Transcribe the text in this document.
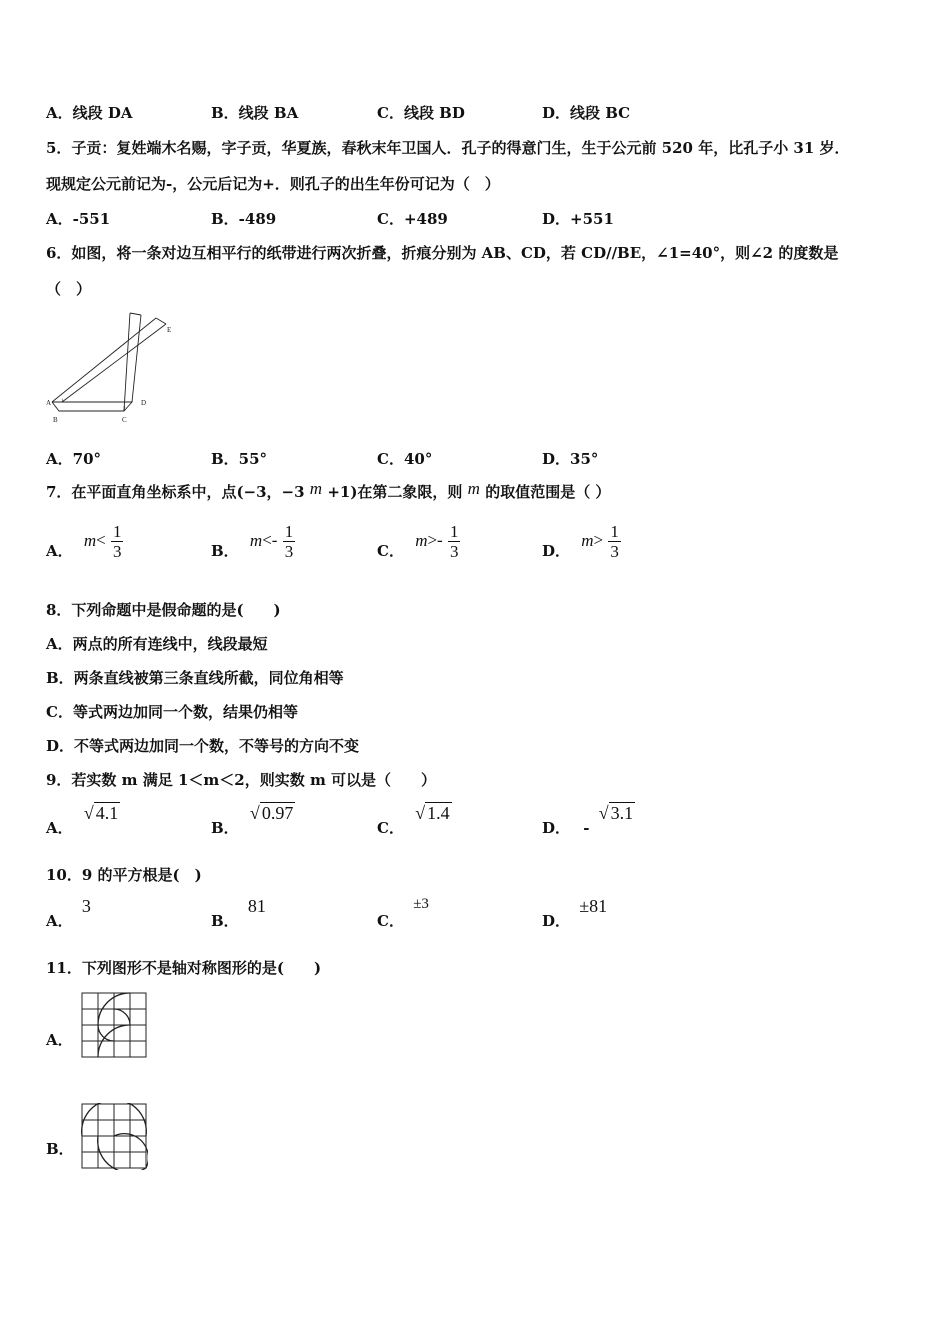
A．线段 DA	B．线段 BA	C．线段 BD	D．线段 BC
5．子贡：复姓端木名赐，字子贡，华夏族，春秋末年卫国人．孔子的得意门生，生于公元前 520 年，比孔子小 31 岁．
现规定公元前记为-，公元后记为+．则孔子的出生年份可记为（　）
A．-551	B．-489	C．+489	D．+551
6．如图，将一条对边互相平行的纸带进行两次折叠，折痕分别为 AB、CD，若 CD//BE，∠1=40°，则∠2 的度数是
（　）
A
B	C
D
E
1
2
A．70°	B．55°	C．40°	D．35°
7．在平面直角坐标系中，点(−3，−3 m +1)在第二象限，则 m 的取值范围是（ ）
A． $m< \frac{1}{3}$	B． $m<- \frac{1}{3}$	C． $m>- \frac{1}{3}$	D． $m> \frac{1}{3}$
8．下列命题中是假命题的是(　　)
A．两点的所有连线中，线段最短
B．两条直线被第三条直线所截，同位角相等
C．等式两边加同一个数，结果仍相等
D．不等式两边加同一个数，不等号的方向不变
9．若实数 m 满足 1＜m＜2，则实数 m 可以是（　　）
A． √ 4.1
B． √ 0.97
C． √ 1.4
D． - √ 3.1
10．9 的平方根是(　)
A． 3
B． 81
C． ±3
D． ±81
11．下列图形不是轴对称图形的是(　　)
A．
B．
